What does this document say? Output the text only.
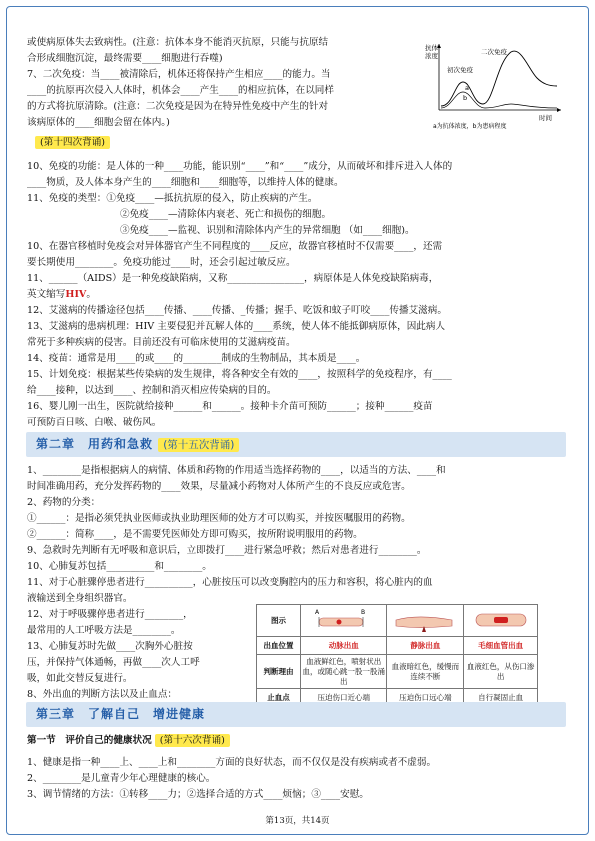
或使病原体失去致病性。(注意：抗体本身不能消灭抗原，只能与抗原结
合形成细胞沉淀，最终需要____细胞进行吞噬)
7、二次免疫：当____被清除后，机体还将保持产生相应____的能力。当
____的抗原再次侵入人体时，机体会____产生____的相应抗体，在以同样
的方式将抗原清除。(注意：二次免疫是因为在特异性免疫中产生的针对
该病原体的____细胞会留在体内。)
抗体
浓度
初次免疫
二次免疫
a
b
时间
a为抗体浓度，b为患病程度
(第十四次背诵)
10、免疫的功能：是人体的一种____功能，能识别“____”和“____”成分，从而破坏和排斥进入人体的
____物质，及人体本身产生的____细胞和____细胞等，以维持人体的健康。
11、免疫的类型：①免疫____—抵抗抗原的侵入，防止疾病的产生。
②免疫____—清除体内衰老、死亡和损伤的细胞。
③免疫____—监视、识别和清除体内产生的异常细胞 （如____细胞)。
10、在器官移植时免疫会对异体器官产生不同程度的____反应，故器官移植时不仅需要____，还需
要长期使用________。免疫功能过____时，还会引起过敏反应。
11、______（AIDS）是一种免疫缺陷病，又称________________，病原体是人体免疫缺陷病毒，
英文缩写HIV。
12、艾滋病的传播途径包括____传播、____传播、_传播；握手、吃饭和蚊子叮咬____传播艾滋病。
13、艾滋病的患病机理：HIV 主要侵犯并瓦解人体的____系统，使人体不能抵御病原体，因此病人
常死于多种疾病的侵害。目前还没有可临床使用的艾滋病疫苗。
14、疫苗：通常是用____的或____的________制成的生物制品，其本质是____。
15、计划免疫：根据某些传染病的发生规律，将各种安全有效的____，按照科学的免疫程序，有____
给____接种，以达到____、控制和消灭相应传染病的目的。
16、婴儿刚一出生，医院就给接种______和______。接种卡介苗可预防______；接种______疫苗
可预防百日咳、白喉、破伤风。
第二章　用药和急救 (第十五次背诵)
1、________是指根据病人的病情、体质和药物的作用适当选择药物的____，以适当的方法、____和
时间准确用药，充分发挥药物的____效果，尽量减小药物对人体所产生的不良反应或危害。
2、药物的分类：
①______：是指必须凭执业医师或执业助理医师的处方才可以购买，并按医嘱服用的药物。
②______：简称____，是不需要凭医师处方即可购买，按所附说明服用的药物。
9、急救时先判断有无呼吸和意识后，立即拨打____进行紧急呼救；然后对患者进行________。
10、心肺复苏包括__________和________。
11、对于心脏骤停患者进行__________，心脏按压可以改变胸腔内的压力和容积，将心脏内的血
液输送到全身组织器官。
12、对于呼吸骤停患者进行________，
最常用的人工呼吸方法是________。
13、心肺复苏时先做____次胸外心脏按
压，并保持气体通畅，再做____次人工呼
吸，如此交替反复进行。
8、外出血的判断方法以及止血点：
图示	A B

出血位置	动脉出血	静脉出血	毛细血管出血
判断理由	血液鲜红色，喷射状出血，或随心跳一股一股涌出	血液暗红色，缓慢而连续不断	血液红色，从伤口渗出
止血点	压迫伤口近心端	压迫伤口远心端	自行凝固止血
第三章　了解自己　增进健康
第一节　评价自己的健康状况 (第十六次背诵)
1、健康是指一种____上、____上和________方面的良好状态，而不仅仅是没有疾病或者不虚弱。
2、________是儿童青少年心理健康的核心。
3、调节情绪的方法：①转移____力；②选择合适的方式____烦恼；③____安慰。
第13页，共14页
